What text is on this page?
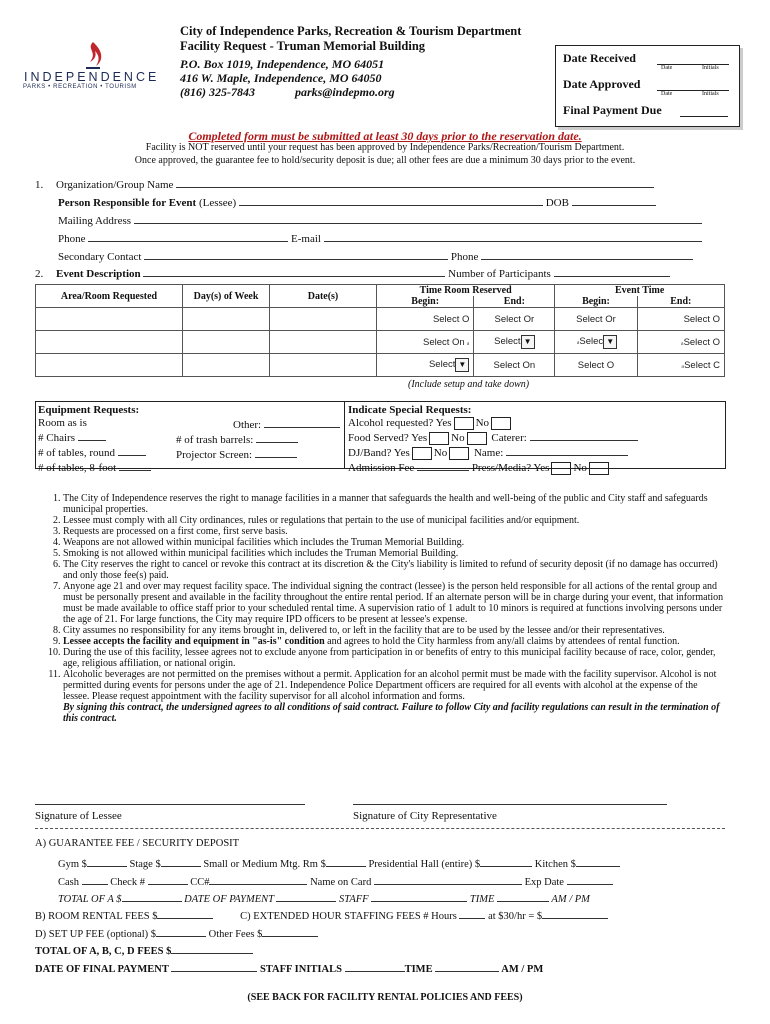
INDEPENDENCE
PARKS • RECREATION • TOURISM
City of Independence Parks, Recreation & Tourism Department
Facility Request - Truman Memorial Building
P.O. Box 1019, Independence, MO 64051
416 W. Maple, Independence, MO 64050
(816) 325-7843	parks@indepmo.org
Date Received
Date	Initials
Date Approved
Date	Initials
Final Payment Due
Completed form must be submitted at least 30 days prior to the reservation date.
Facility is NOT reserved until your request has been approved by Independence Parks/Recreation/Tourism Department.
Once approved, the guarantee fee to hold/security deposit is due; all other fees are due a minimum 30 days prior to the event.
1. Organization/Group Name
Person Responsible for Event (Lessee)	DOB
Mailing Address
Phone	E-mail
Secondary Contact	Phone
2. Event Description	Number of Participants
Area/Room Requested	Day(s) of Week	Date(s)	Time Room Reserved		Event Time	
			Begin:	End:	Begin:	End:
			Select O	Select Or	Select Or	Select O
			Select On a	Select ▼	aSelec ▼	aSelect O
			Select ▼	Select On	Select O	aSelect C
(Include setup and take down)
Equipment Requests:
Room as is
# Chairs
# of tables, round
# of tables, 8-foot
Other:
# of trash barrels:
Projector Screen:
Indicate Special Requests:
Alcohol requested? Yes No
Food Served? Yes No Caterer:
DJ/Band? Yes No Name:
Admission Fee	Press/Media? Yes No
1. The City of Independence reserves the right to manage facilities in a manner that safeguards the health and well-being of the public and City staff and safeguards municipal properties.
2. Lessee must comply with all City ordinances, rules or regulations that pertain to the use of municipal facilities and/or equipment.
3. Requests are processed on a first come, first serve basis.
4. Weapons are not allowed within municipal facilities which includes the Truman Memorial Building.
5. Smoking is not allowed within municipal facilities which includes the Truman Memorial Building.
6. The City reserves the right to cancel or revoke this contract at its discretion & the City's liability is limited to refund of security deposit (if no damage has occurred) and only those fee(s) paid.
7. Anyone age 21 and over may request facility space. The individual signing the contract (lessee) is the person held responsible for all actions of the rental group and must be personally present and available in the facility throughout the entire rental period. If an alternate person will be in charge during your event, that information must be made available to office staff prior to your scheduled rental time. A supervision ratio of 1 adult to 10 minors is required at functions involving persons under the age of 21. For large functions, the City may require IPD officers to be present at lessee's expense.
8. City assumes no responsibility for any items brought in, delivered to, or left in the facility that are to be used by the lessee and/or their representatives.
9. Lessee accepts the facility and equipment in "as-is" condition and agrees to hold the City harmless from any/all claims by attendees of rental function.
10. During the use of this facility, lessee agrees not to exclude anyone from participation in or benefits of entry to this municipal facility because of race, color, gender, age, religious affiliation, or national origin.
11. Alcoholic beverages are not permitted on the premises without a permit. Application for an alcohol permit must be made with the facility supervisor. Alcohol is not permitted during events for persons under the age of 21. Independence Police Department officers are required for all events with alcohol at the expense of the lessee. Please request appointment with the facility supervisor for all alcohol information and forms.
By signing this contract, the undersigned agrees to all conditions of said contract. Failure to follow City and facility regulations can result in the termination of this contract.
Signature of Lessee	Signature of City Representative
A) GUARANTEE FEE / SECURITY DEPOSIT
Gym $	Stage $	Small or Medium Mtg. Rm $	Presidential Hall (entire) $	Kitchen $
Cash	Check #	CC#	Name on Card	Exp Date
TOTAL OF A $	DATE OF PAYMENT	STAFF	TIME	AM / PM
B) ROOM RENTAL FEES $	C) EXTENDED HOUR STAFFING FEES # Hours	at $30/hr = $
D) SET UP FEE (optional) $	Other Fees $
TOTAL OF A, B, C, D FEES $
DATE OF FINAL PAYMENT	STAFF INITIALS	TIME	AM / PM
(SEE BACK FOR FACILITY RENTAL POLICIES AND FEES)
